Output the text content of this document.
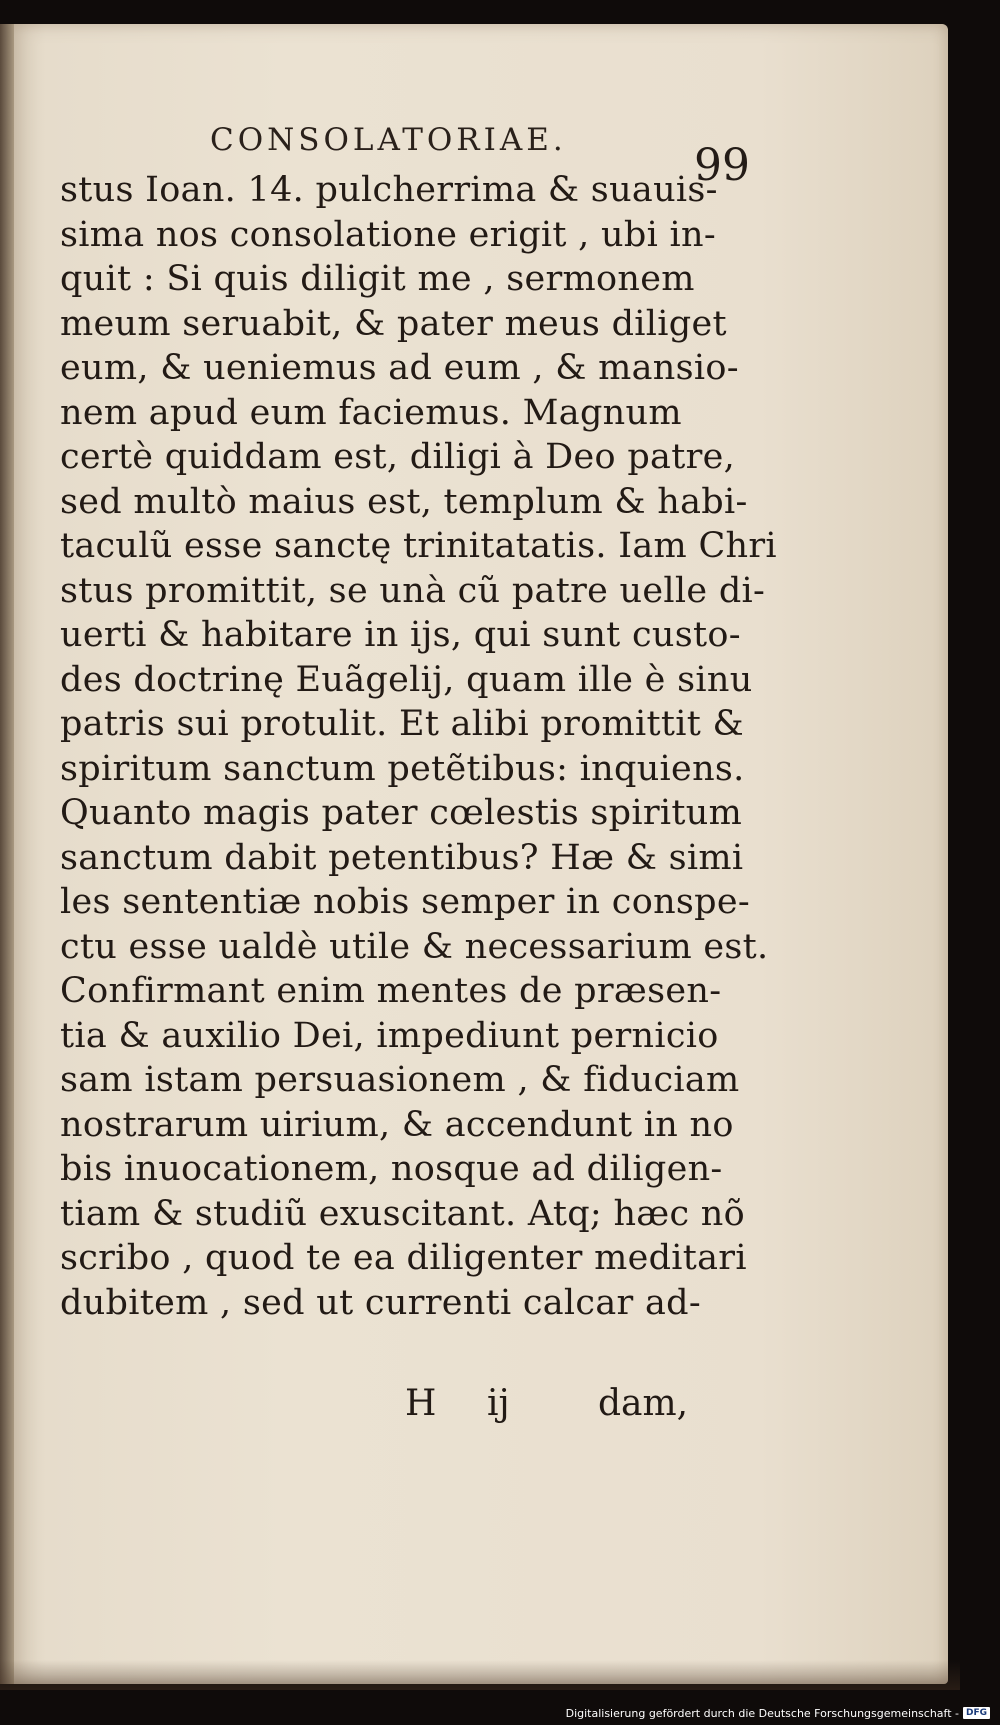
CONSOLATORIAE.	99
stus Ioan. 14. pulcherrima & suauis-
sima nos consolatione erigit , ubi in-
quit : Si quis diligit me , sermonem
meum seruabit, & pater meus diliget
eum, & ueniemus ad eum , & mansio-
nem apud eum faciemus. Magnum
certè quiddam est, diligi à Deo patre,
sed multò maius est, templum & habi-
taculũ esse sanctę trinitatatis. Iam Chri
stus promittit, se unà cũ patre uelle di-
uerti & habitare in ijs, qui sunt custo-
des doctrinę Euãgelij, quam ille è sinu
patris sui protulit. Et alibi promittit &
spiritum sanctum petẽtibus: inquiens.
Quanto magis pater cœlestis spiritum
sanctum dabit petentibus? Hæ & simi
les sententiæ nobis semper in conspe-
ctu esse ualdè utile & necessarium est.
Confirmant enim mentes de præsen-
tia & auxilio Dei, impediunt pernicio
sam istam persuasionem , & fiduciam
nostrarum uirium, & accendunt in no
bis inuocationem, nosque ad diligen-
tiam & studiũ exuscitant. Atq; hæc nõ
scribo , quod te ea diligenter meditari
dubitem , sed ut currenti calcar ad-
H ij dam,
Digitalisierung gefördert durch die Deutsche Forschungsgemeinschaft - DFG
